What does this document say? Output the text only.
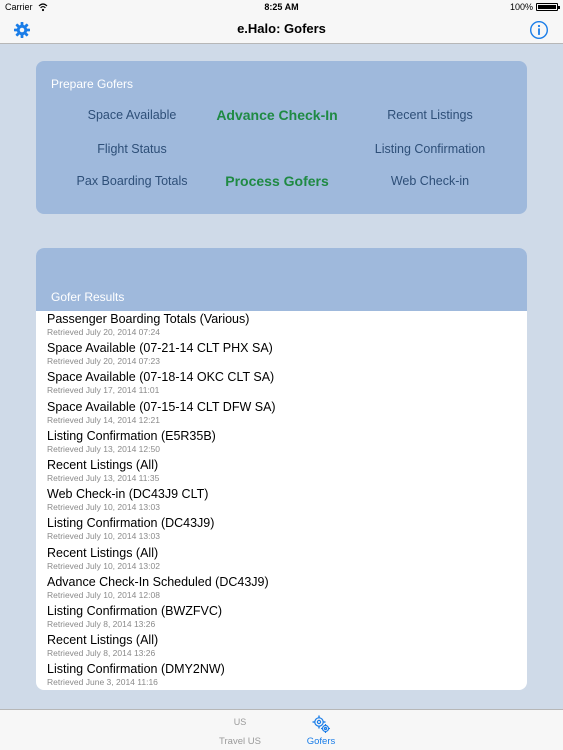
Carrier	8:25 AM	100%
e.Halo: Gofers
Prepare Gofers
Space Available	Advance Check-In	Recent Listings
Flight Status	Listing Confirmation
Pax Boarding Totals	Process Gofers	Web Check-in
Gofer Results
Passenger Boarding Totals (Various)
Retrieved July 20, 2014 07:24
Space Available (07-21-14 CLT PHX SA)
Retrieved July 20, 2014 07:23
Space Available (07-18-14 OKC CLT SA)
Retrieved July 17, 2014 11:01
Space Available (07-15-14 CLT DFW SA)
Retrieved July 14, 2014 12:21
Listing Confirmation (E5R35B)
Retrieved July 13, 2014 12:50
Recent Listings (All)
Retrieved July 13, 2014 11:35
Web Check-in (DC43J9 CLT)
Retrieved July 10, 2014 13:03
Listing Confirmation (DC43J9)
Retrieved July 10, 2014 13:03
Recent Listings (All)
Retrieved July 10, 2014 13:02
Advance Check-In Scheduled (DC43J9)
Retrieved July 10, 2014 12:08
Listing Confirmation (BWZFVC)
Retrieved July 8, 2014 13:26
Recent Listings (All)
Retrieved July 8, 2014 13:26
Listing Confirmation (DMY2NW)
Retrieved June 3, 2014 11:16
US
Travel US	Gofers
